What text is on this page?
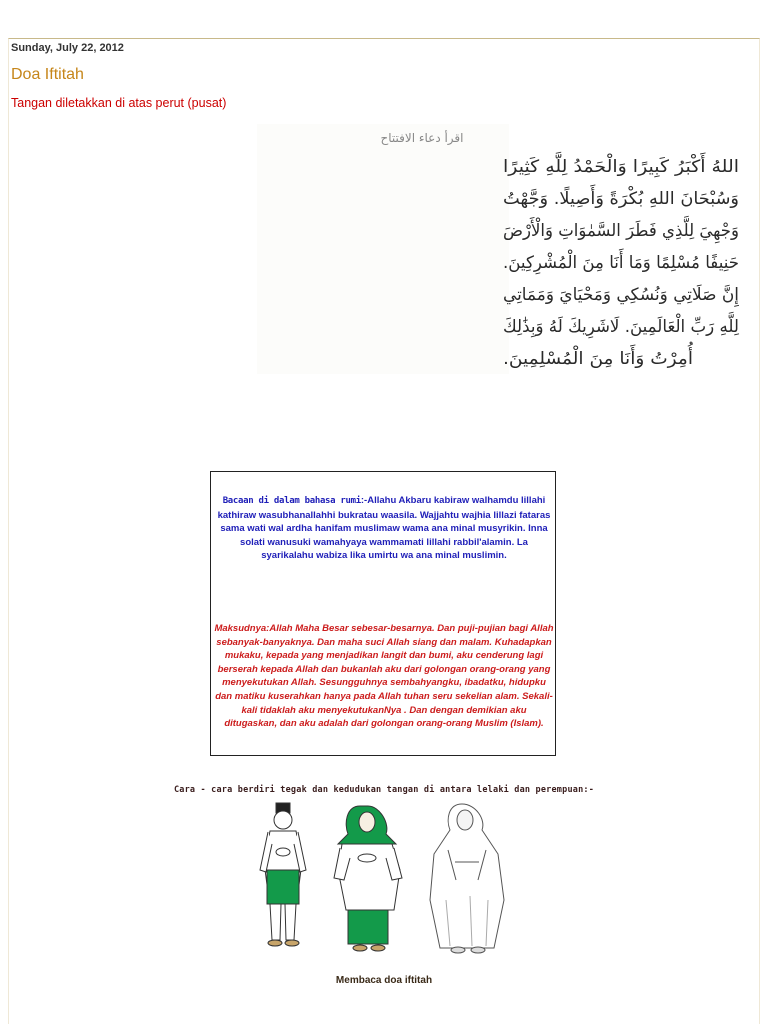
Sunday, July 22, 2012
Doa Iftitah
Tangan diletakkan di atas perut (pusat)
اقرأ دعاء الافتتاح
اللهُ أَكْبَرُ كَبِيرًا وَالْحَمْدُ لِلَّهِ كَثِيرًا
وَسُبْحَانَ اللهِ بُكْرَةً وَأَصِيلًا. وَجَّهْتُ
وَجْهِيَ لِلَّذِي فَطَرَ السَّمٰوَاتِ وَالْأَرْضَ
حَنِيفًا مُسْلِمًا وَمَا أَنَا مِنَ الْمُشْرِكِينَ.
إِنَّ صَلَاتِي وَنُسُكِي وَمَحْيَايَ وَمَمَاتِي
لِلَّهِ رَبِّ الْعَالَمِينَ. لَاشَرِيكَ لَهُ وَبِذَٰلِكَ
أُمِرْتُ وَأَنَا مِنَ الْمُسْلِمِينَ.
Bacaan di dalam bahasa rumi:-Allahu Akbaru kabiraw walhamdu lillahi kathiraw wasubhanallahhi bukratau waasila. Wajjahtu wajhia lillazi fataras sama wati wal ardha hanifam muslimaw wama ana minal musyrikin. Inna solati wanusuki wamahyaya wammamati lillahi rabbil'alamin. La syarikalahu wabiza lika umirtu wa ana minal muslimin.
Maksudnya:Allah Maha Besar sebesar-besarnya. Dan puji-pujian bagi Allah sebanyak-banyaknya. Dan maha suci Allah siang dan malam. Kuhadapkan mukaku, kepada yang menjadikan langit dan bumi, aku cenderung lagi berserah kepada Allah dan bukanlah aku dari golongan orang-orang yang menyekutukan Allah. Sesungguhnya sembahyangku, ibadatku, hidupku dan matiku kuserahkan hanya pada Allah tuhan seru sekelian alam. Sekali-kali tidaklah aku menyekutukanNya . Dan dengan demikian aku ditugaskan, dan aku adalah dari golongan orang-orang Muslim (Islam).
Cara - cara berdiri tegak dan kedudukan tangan di antara lelaki dan perempuan:-
Membaca doa iftitah
